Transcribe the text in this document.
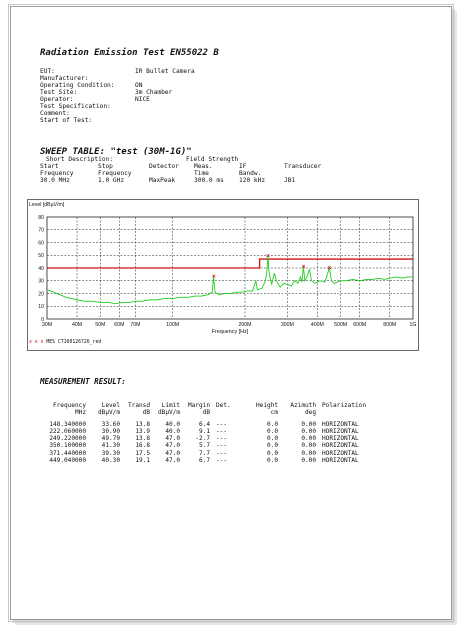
Radiation Emission Test EN55022 B
EUT:	IR Bullet Camera
Manufacturer:
Operating Condition:	ON
Test Site:	3m Chamber
Operator:	NICE
Test Specification:
Comment:
Start of Test:
SWEEP TABLE: "test (30M-1G)"
Short Description:	Field Strength
Start	Stop	Detector Meas.	IF	Transducer
Frequency	Frequency	Time	Bandw.
30.0 MHz	1.0 GHz	MaxPeak	300.0 ms 120 kHz	JB1
Level [dBµV/m]
0
10
20
30
40
50
60
70
80
30M	40M	50M 60M 70M	100M	200M	300M	400M 500M 600M	800M	1G
Frequency [Hz]
x x x MES CT16012672​6_red
MEASUREMENT RESULT:
Frequency	Level	Transd	Limit	Margin	Det.	Height	Azimuth	Polarization
MHz	dBµV/m	dB	dBµV/m	dB		cm	deg	

148.340000	33.60	13.8	40.0	6.4	---	0.0	0.00	HORIZONTAL
222.060000	30.90	13.9	40.0	9.1	---	0.0	0.00	HORIZONTAL
249.220000	49.70	13.8	47.0	-2.7	---	0.0	0.00	HORIZONTAL
350.100000	41.30	16.8	47.0	5.7	---	0.0	0.00	HORIZONTAL
371.440000	39.30	17.5	47.0	7.7	---	0.0	0.00	HORIZONTAL
449.040000	40.30	19.1	47.0	6.7	---	0.0	0.00	HORIZONTAL
